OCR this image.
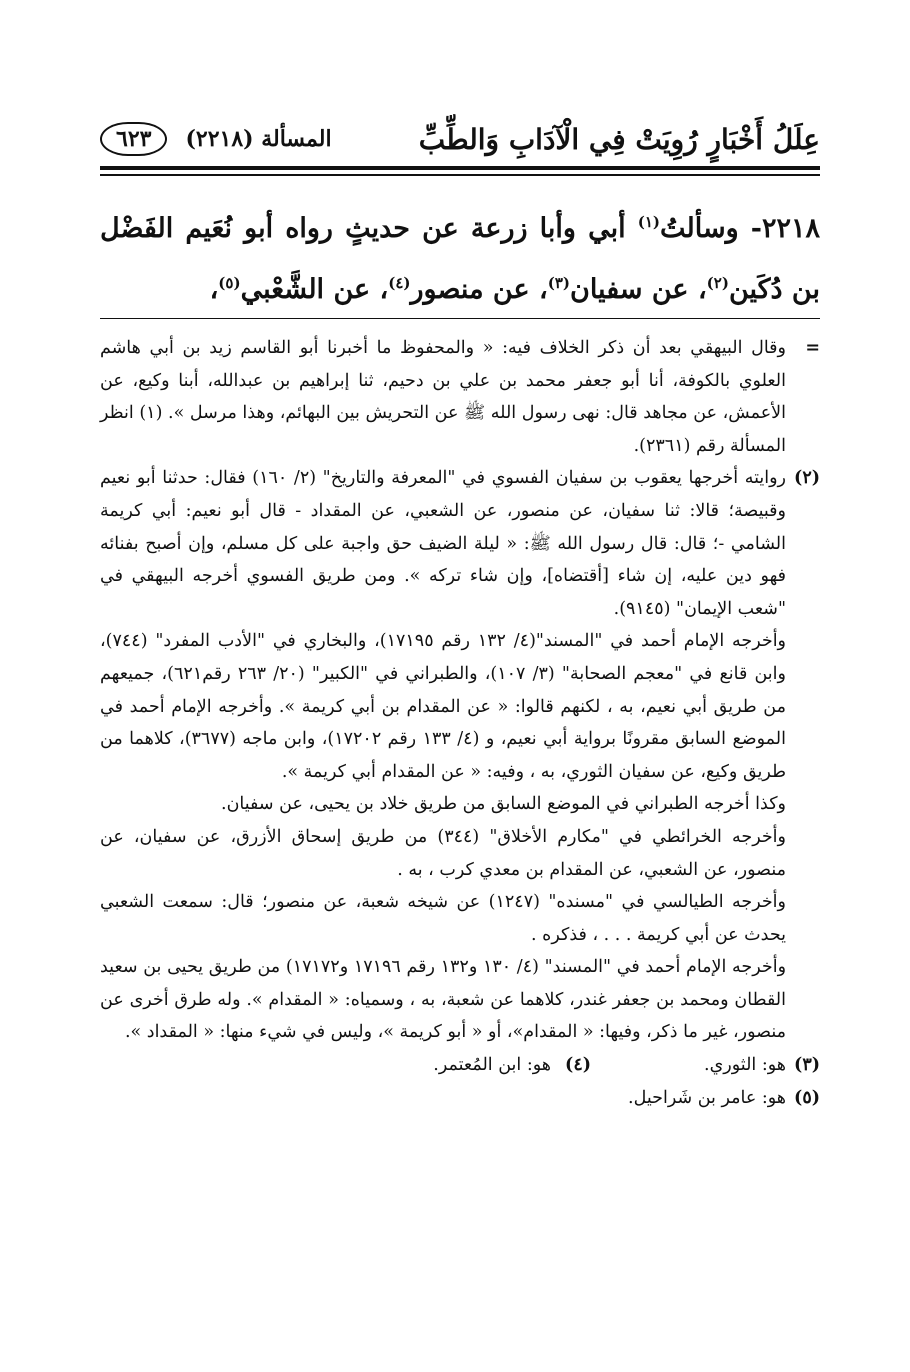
عِلَلُ أَخْبَارٍ رُوِيَتْ فِي الْآدَابِ وَالطِّبِّ
المسألة (٢٢١٨)
٦٢٣
٢٢١٨- وسألتُ$^{(١)}$ أبي وأبا زرعة عن حديثٍ رواه أبو نُعَيم الفَضْل بن دُكَين$^{(٢)}$، عن سفيان$^{(٣)}$، عن منصور$^{(٤)}$، عن الشَّعْبي$^{(٥)}$،
=

وقال البيهقي بعد أن ذكر الخلاف فيه: « والمحفوظ ما أخبرنا أبو القاسم زيد بن أبي هاشم العلوي بالكوفة، أنا أبو جعفر محمد بن علي بن دحيم، ثنا إبراهيم بن عبدالله، أبنا وكيع، عن الأعمش، عن مجاهد قال: نهى رسول الله ﷺ عن التحريش بين البهائم، وهذا مرسل ». (١) انظر المسألة رقم (٢٣٦١).

(٢)

روايته أخرجها يعقوب بن سفيان الفسوي في "المعرفة والتاريخ" (٢/ ١٦٠) فقال: حدثنا أبو نعيم وقبيصة؛ قالا: ثنا سفيان، عن منصور، عن الشعبي، عن المقداد - قال أبو نعيم: أبي كريمة الشامي -؛ قال: قال رسول الله ﷺ: « ليلة الضيف حق واجبة على كل مسلم، وإن أصبح بفنائه فهو دين عليه، إن شاء [أقتضاه]، وإن شاء تركه ». ومن طريق الفسوي أخرجه البيهقي في "شعب الإيمان" (٩١٤٥).

وأخرجه الإمام أحمد في "المسند"(٤/ ١٣٢ رقم ١٧١٩٥)، والبخاري في "الأدب المفرد" (٧٤٤)، وابن قانع في "معجم الصحابة" (٣/ ١٠٧)، والطبراني في "الكبير" (٢٠/ ٢٦٣ رقم٦٢١)، جميعهم من طريق أبي نعيم، به ، لكنهم قالوا: « عن المقدام بن أبي كريمة ». وأخرجه الإمام أحمد في الموضع السابق مقرونًا برواية أبي نعيم، و (٤/ ١٣٣ رقم ١٧٢٠٢)، وابن ماجه (٣٦٧٧)، كلاهما من طريق وكيع، عن سفيان الثوري، به ، وفيه: « عن المقدام أبي كريمة ».

وكذا أخرجه الطبراني في الموضع السابق من طريق خلاد بن يحيى، عن سفيان.

وأخرجه الخرائطي في "مكارم الأخلاق" (٣٤٤) من طريق إسحاق الأزرق، عن سفيان، عن منصور، عن الشعبي، عن المقدام بن معدي كرب ، به .

وأخرجه الطيالسي في "مسنده" (١٢٤٧) عن شيخه شعبة، عن منصور؛ قال: سمعت الشعبي يحدث عن أبي كريمة . . . ، فذكره .

وأخرجه الإمام أحمد في "المسند" (٤/ ١٣٠ و١٣٢ رقم ١٧١٩٦ و١٧١٧٢) من طريق يحيى بن سعيد القطان ومحمد بن جعفر غندر، كلاهما عن شعبة، به ، وسمياه: « المقدام ». وله طرق أخرى عن منصور، غير ما ذكر، وفيها: « المقدام»، أو « أبو كريمة »، وليس في شيء منها: « المقداد ».

(٣)
هو: الثوري.
(٤)
هو: ابن المُعتمر.
(٥)

هو: عامر بن شَراحيل.
